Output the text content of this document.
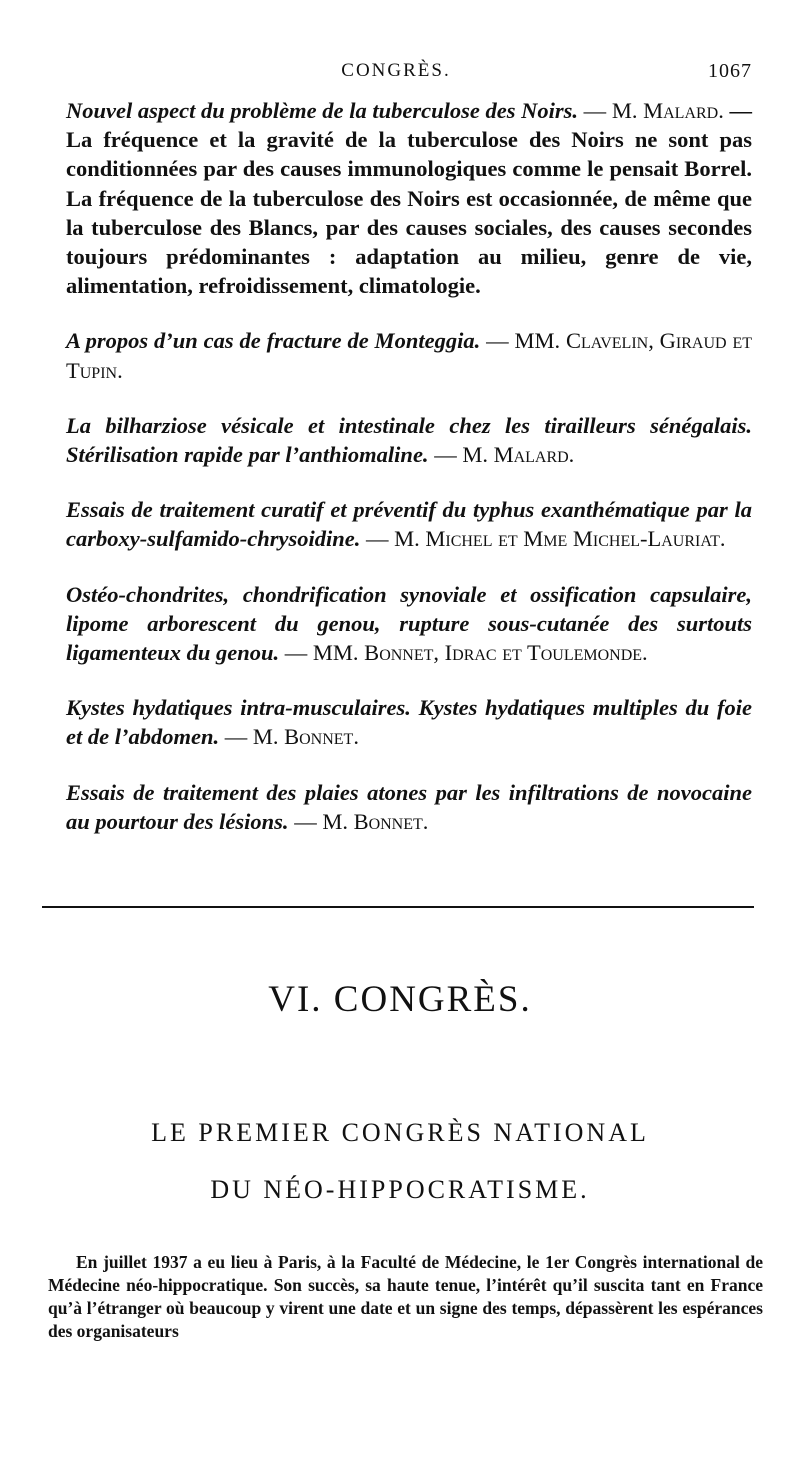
CONGRÈS.	1067

Nouvel aspect du problème de la tuberculose des Noirs. — M. Malard. — La fréquence et la gravité de la tuberculose des Noirs ne sont pas conditionnées par des causes immunologiques comme le pensait Borrel. La fréquence de la tuberculose des Noirs est occasionnée, de même que la tuberculose des Blancs, par des causes sociales, des causes secondes toujours prédominantes : adaptation au milieu, genre de vie, alimentation, refroidissement, climatologie.

A propos d’un cas de fracture de Monteggia. — MM. Clavelin, Giraud et Tupin.

La bilharziose vésicale et intestinale chez les tirailleurs sénégalais. Stérilisation rapide par l’anthiomaline. — M. Malard.

Essais de traitement curatif et préventif du typhus exanthématique par la carboxy-sulfamido-chrysoidine. — M. Michel et Mme Michel-Lauriat.

Ostéo-chondrites, chondrification synoviale et ossification capsulaire, lipome arborescent du genou, rupture sous-cutanée des surtouts ligamenteux du genou. — MM. Bonnet, Idrac et Toulemonde.

Kystes hydatiques intra-musculaires. Kystes hydatiques multiples du foie et de l’abdomen. — M. Bonnet.

Essais de traitement des plaies atones par les infiltrations de novocaine au pourtour des lésions. — M. Bonnet.

VI. CONGRÈS.
LE PREMIER CONGRÈS NATIONAL
DU NÉO-HIPPOCRATISME.

En juillet 1937 a eu lieu à Paris, à la Faculté de Médecine, le 1er Congrès international de Médecine néo-hippocratique. Son succès, sa haute tenue, l’intérêt qu’il suscita tant en France qu’à l’étranger où beaucoup y virent une date et un signe des temps, dépassèrent les espérances des organisateurs
